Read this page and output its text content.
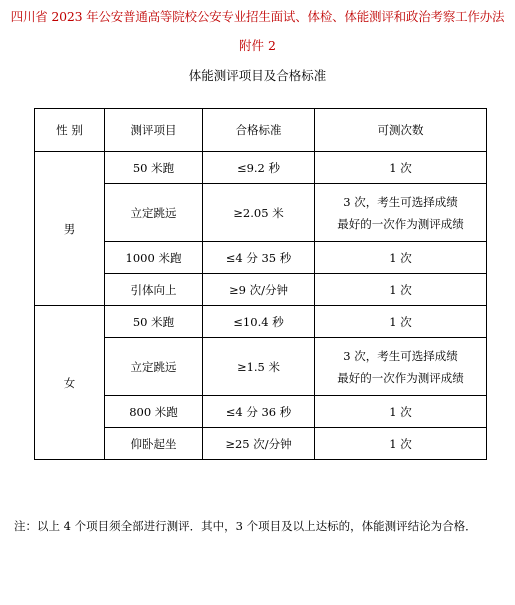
四川省 2023 年公安普通高等院校公安专业招生面试、体检、体能测评和政治考察工作办法
附件 2
体能测评项目及合格标准
性 别	测评项目	合格标准	可测次数
男	50 米跑	≤9.2 秒	1 次
	立定跳远	≥2.05 米	3 次，考生可选择成绩
最好的一次作为测评成绩

	1000 米跑	≤4 分 35 秒	1 次
	引体向上	≥9 次/分钟	1 次
女	50 米跑	≤10.4 秒	1 次
	立定跳远	≥1.5 米	3 次，考生可选择成绩
最好的一次作为测评成绩

	800 米跑	≤4 分 36 秒	1 次
	仰卧起坐	≥25 次/分钟	1 次
注：以上 4 个项目须全部进行测评．其中，3 个项目及以上达标的，体能测评结论为合格．
